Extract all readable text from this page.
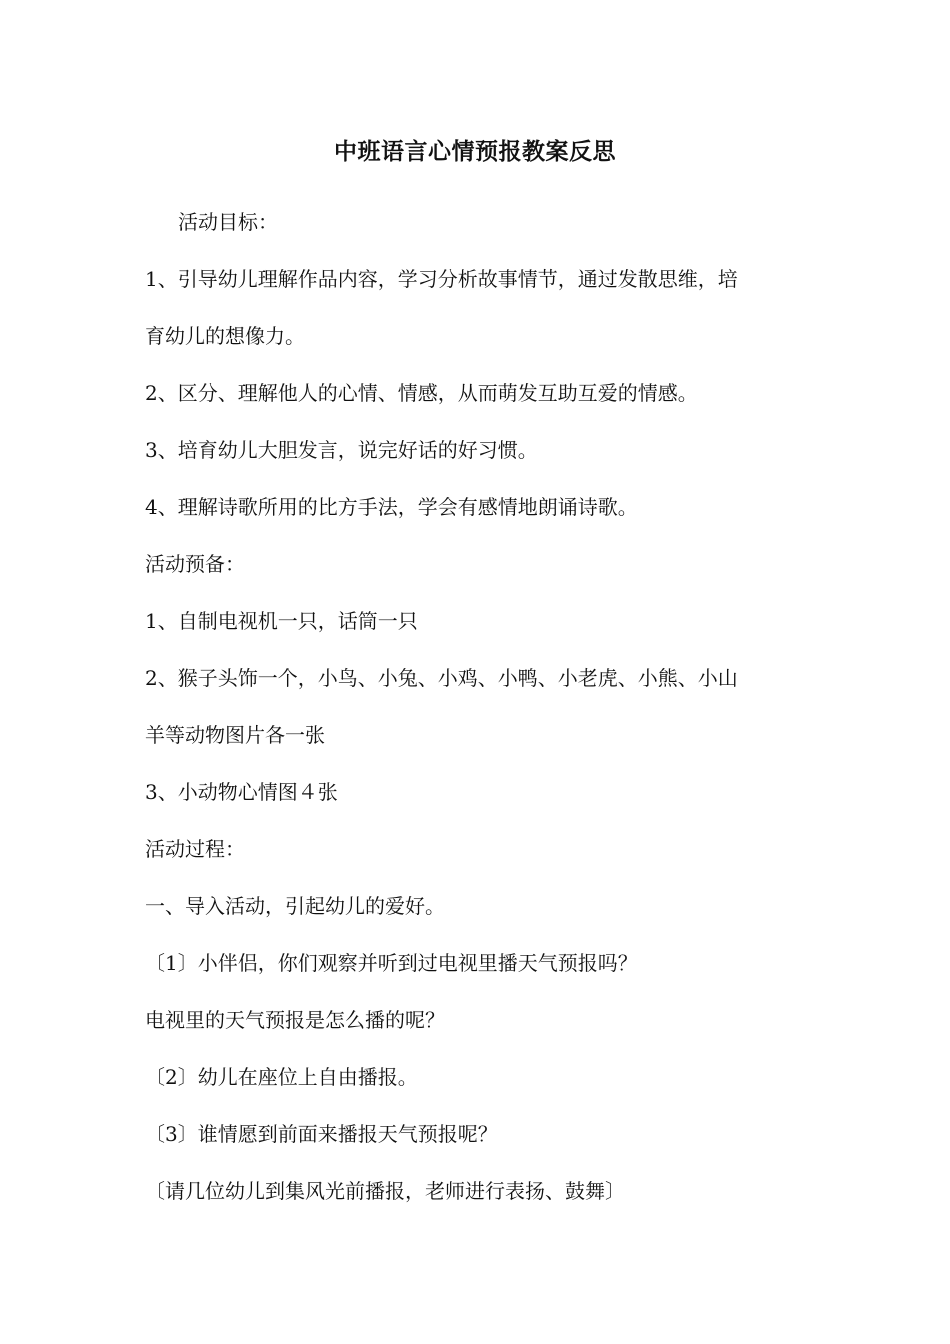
中班语言心情预报教案反思
活动目标：
1、引导幼儿理解作品内容，学习分析故事情节，通过发散思维，培
育幼儿的想像力。
2、区分、理解他人的心情、情感，从而萌发互助互爱的情感。
3、培育幼儿大胆发言，说完好话的好习惯。
4、理解诗歌所用的比方手法，学会有感情地朗诵诗歌。
活动预备：
1、自制电视机一只，话筒一只
2、猴子头饰一个，小鸟、小兔、小鸡、小鸭、小老虎、小熊、小山
羊等动物图片各一张
3、小动物心情图４张
活动过程：
一、导入活动，引起幼儿的爱好。
〔1〕小伴侣，你们观察并听到过电视里播天气预报吗？
电视里的天气预报是怎么播的呢？
〔2〕幼儿在座位上自由播报。
〔3〕谁情愿到前面来播报天气预报呢？
〔请几位幼儿到集风光前播报，老师进行表扬、鼓舞〕
